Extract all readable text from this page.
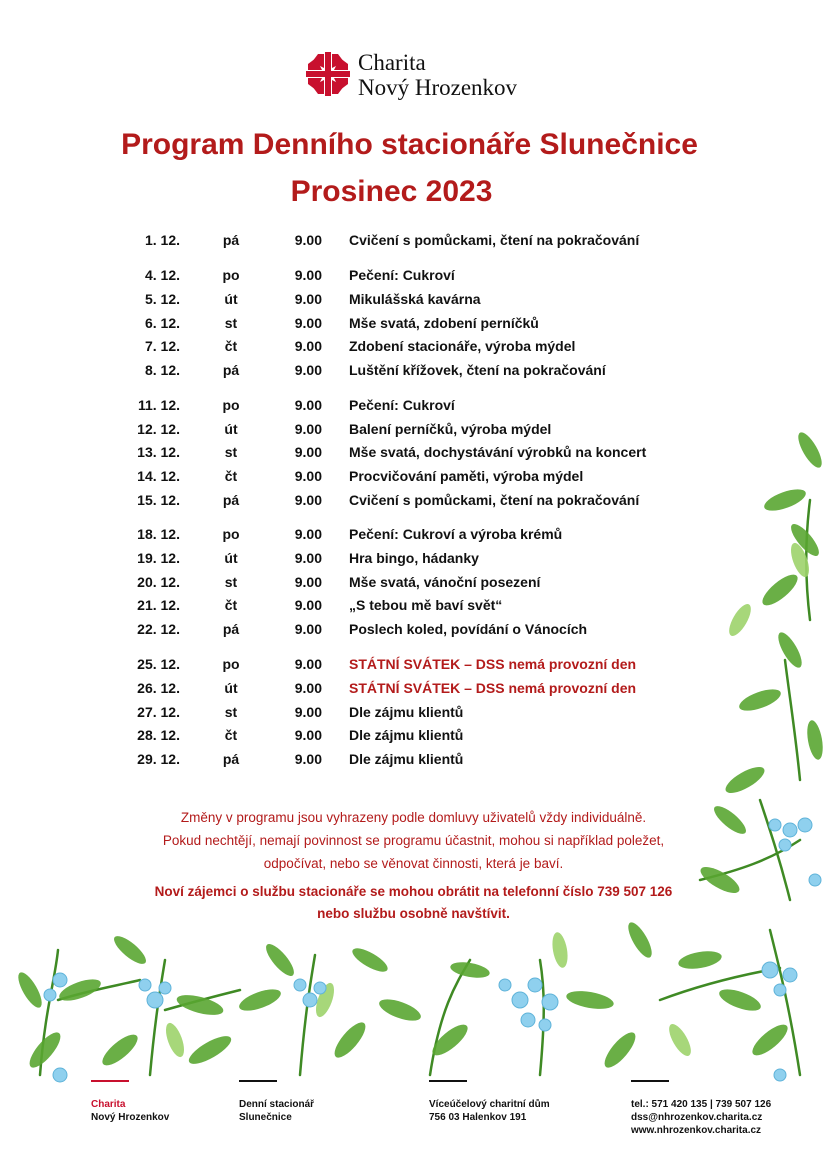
Charita
Nový Hrozenkov
Program Denního stacionáře Slunečnice
Prosinec 2023
1. 12.	pá	9.00 Cvičení s pomůckami, čtení na pokračování
4. 12.	po	9.00 Pečení: Cukroví
5. 12.	út	9.00 Mikulášská kavárna
6. 12.	st	9.00 Mše svatá, zdobení perníčků
7. 12.	čt	9.00 Zdobení stacionáře, výroba mýdel
8. 12.	pá	9.00 Luštění křížovek, čtení na pokračování
11. 12.	po	9.00 Pečení: Cukroví
12. 12.	út	9.00 Balení perníčků, výroba mýdel
13. 12.	st	9.00 Mše svatá, dochystávání výrobků na koncert
14. 12.	čt	9.00 Procvičování paměti, výroba mýdel
15. 12.	pá	9.00 Cvičení s pomůckami, čtení na pokračování
18. 12.	po	9.00 Pečení: Cukroví a výroba krémů
19. 12.	út	9.00 Hra bingo, hádanky
20. 12.	st	9.00 Mše svatá, vánoční posezení
21. 12.	čt	9.00 „S tebou mě baví svět“
22. 12.	pá	9.00 Poslech koled, povídání o Vánocích
25. 12.	po	9.00 STÁTNÍ SVÁTEK – DSS nemá provozní den
26. 12.	út	9.00 STÁTNÍ SVÁTEK – DSS nemá provozní den
27. 12.	st	9.00 Dle zájmu klientů
28. 12.	čt	9.00 Dle zájmu klientů
29. 12.	pá	9.00 Dle zájmu klientů
Změny v programu jsou vyhrazeny podle domluvy uživatelů vždy individuálně.
Pokud nechtějí, nemají povinnost se programu účastnit, mohou si například poležet,
odpočívat, nebo se věnovat činnosti, která je baví.
Noví zájemci o službu stacionáře se mohou obrátit na telefonní číslo 739 507 126
nebo službu osobně navštívit.
Charita
Nový Hrozenkov
Denní stacionář
Slunečnice
Víceúčelový charitní dům
756 03 Halenkov 191
tel.: 571 420 135 | 739 507 126
dss@nhrozenkov.charita.cz
www.nhrozenkov.charita.cz
